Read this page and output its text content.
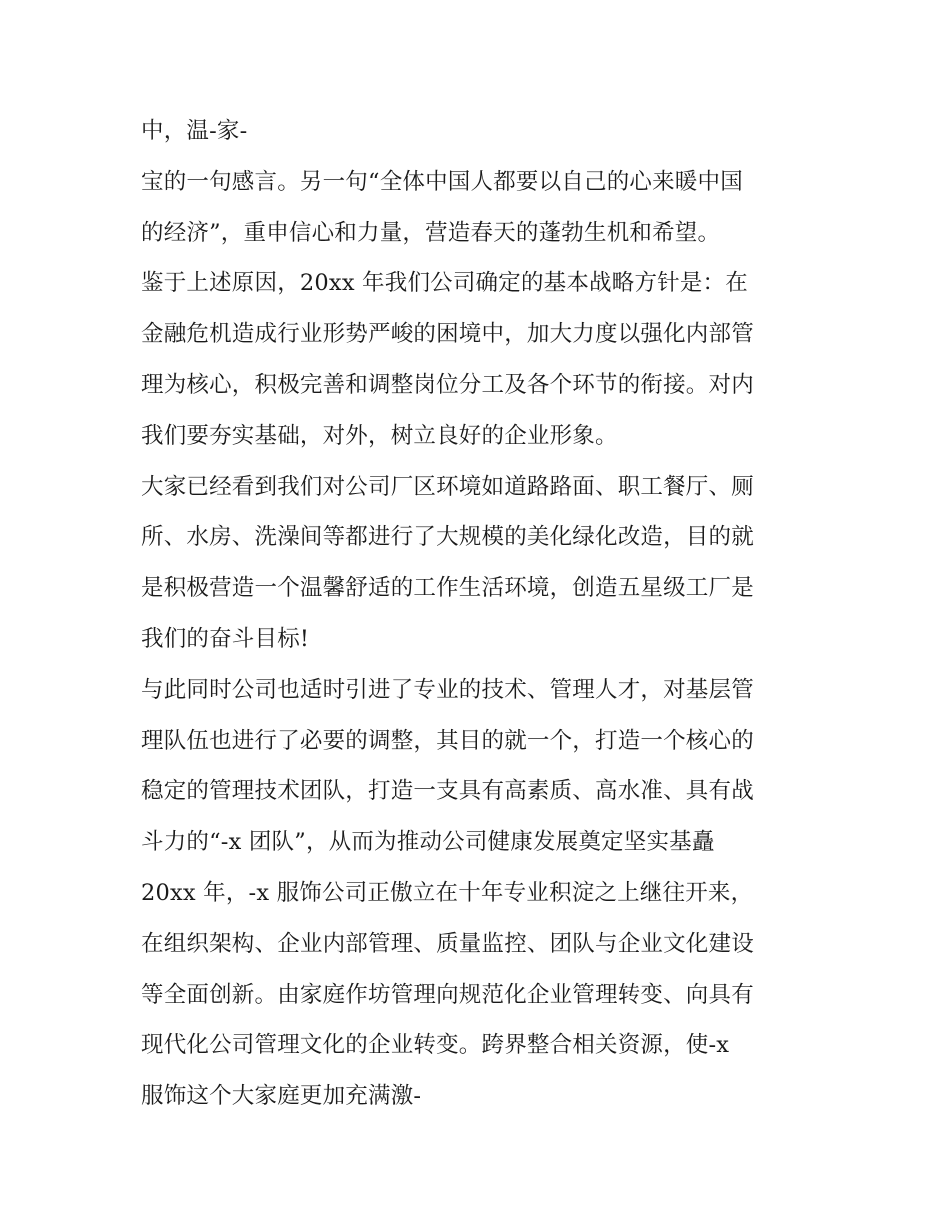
中，温-家-
宝的一句感言。另一句“全体中国人都要以自己的心来暖中国
的经济”，重申信心和力量，营造春天的蓬勃生机和希望。
鉴于上述原因，20xx 年我们公司确定的基本战略方针是：在
金融危机造成行业形势严峻的困境中，加大力度以强化内部管
理为核心，积极完善和调整岗位分工及各个环节的衔接。对内
我们要夯实基础，对外，树立良好的企业形象。
大家已经看到我们对公司厂区环境如道路路面、职工餐厅、厕
所、水房、洗澡间等都进行了大规模的美化绿化改造，目的就
是积极营造一个温馨舒适的工作生活环境，创造五星级工厂是
我们的奋斗目标!
与此同时公司也适时引进了专业的技术、管理人才，对基层管
理队伍也进行了必要的调整，其目的就一个，打造一个核心的
稳定的管理技术团队，打造一支具有高素质、高水准、具有战
斗力的“-x 团队”，从而为推动公司健康发展奠定坚实基矗
20xx 年，-x 服饰公司正傲立在十年专业积淀之上继往开来，
在组织架构、企业内部管理、质量监控、团队与企业文化建设
等全面创新。由家庭作坊管理向规范化企业管理转变、向具有
现代化公司管理文化的企业转变。跨界整合相关资源，使-x
服饰这个大家庭更加充满激-
